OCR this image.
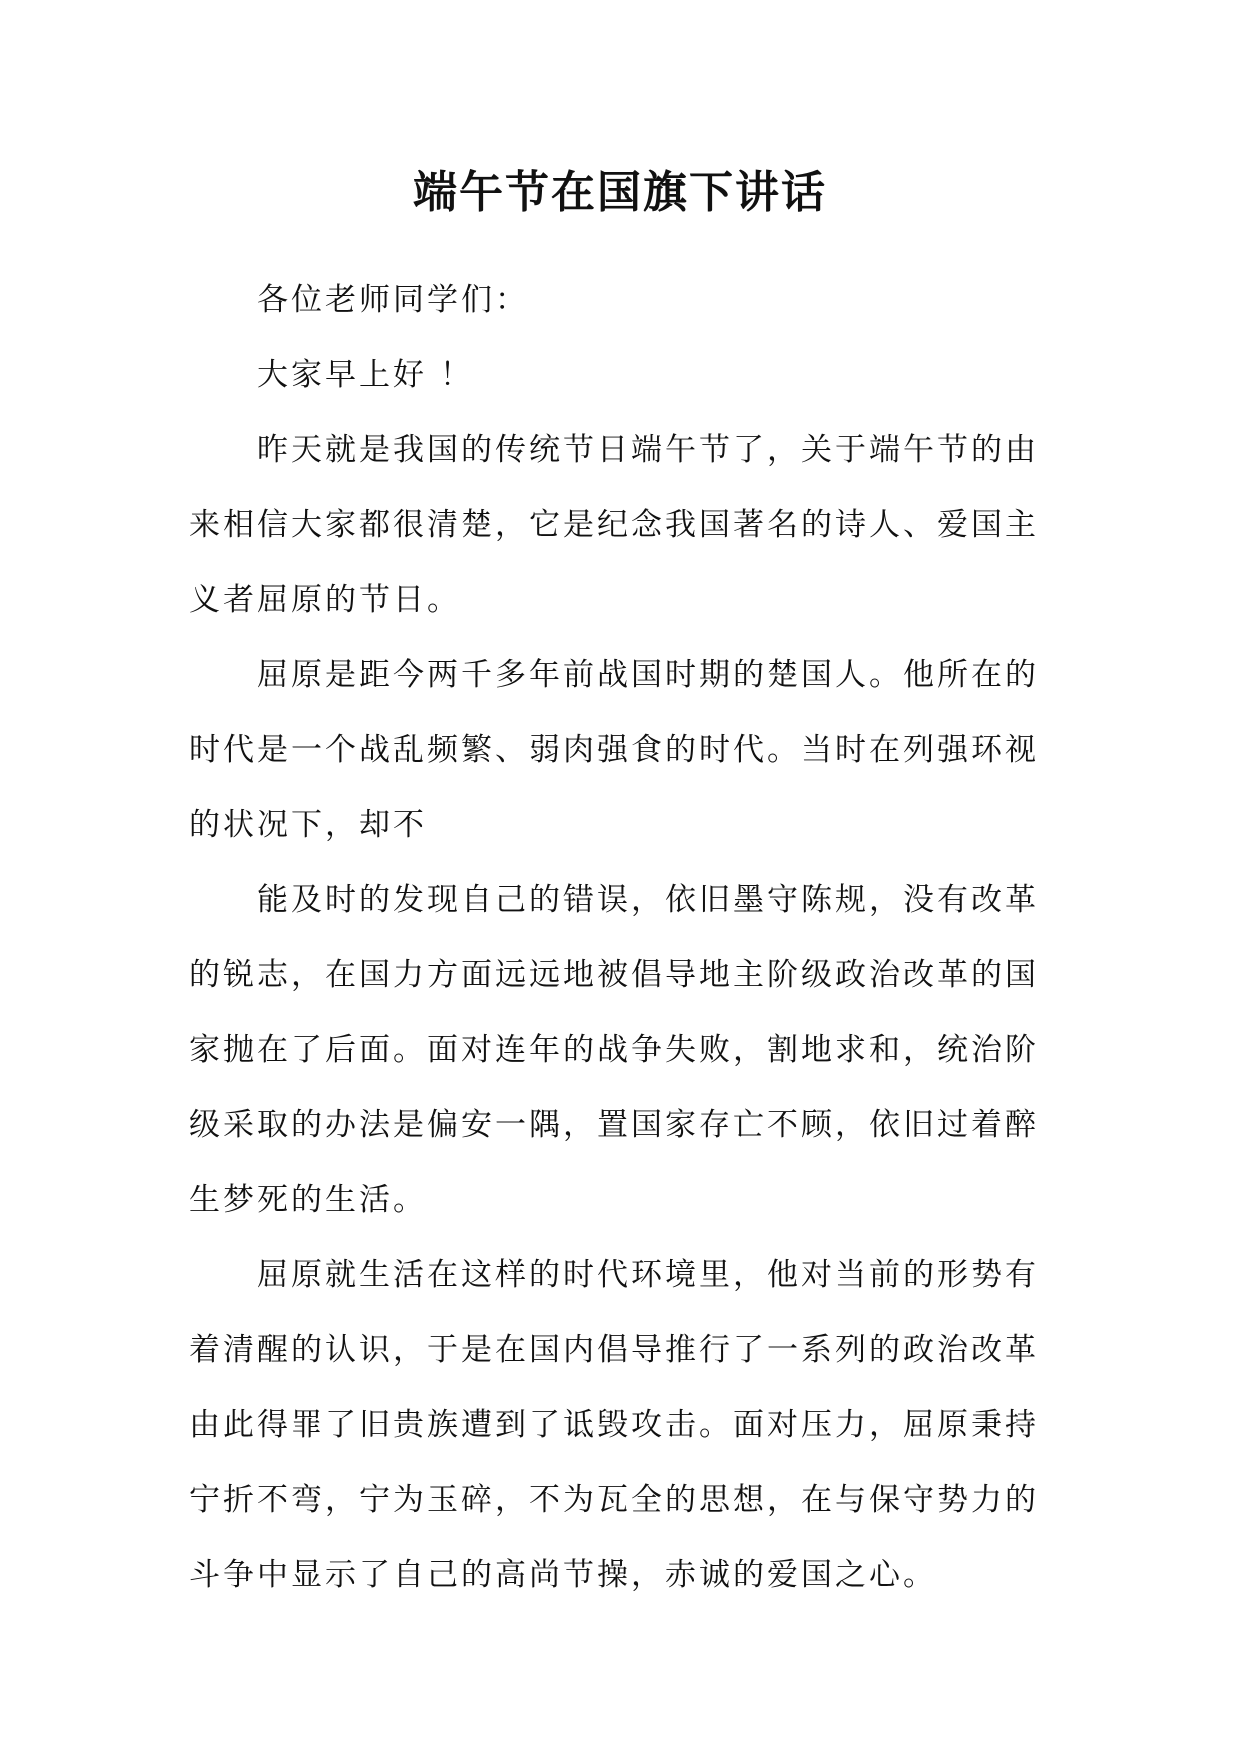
端午节在国旗下讲话

各位老师同学们：

大家早上好 ！

昨天就是我国的传统节日端午节了，关于端午节的由
来相信大家都很清楚，它是纪念我国著名的诗人、爱国主
义者屈原的节日。

屈原是距今两千多年前战国时期的楚国人。他所在的
时代是一个战乱频繁、弱肉强食的时代。当时在列强环视
的状况下，却不

能及时的发现自己的错误，依旧墨守陈规，没有改革
的锐志，在国力方面远远地被倡导地主阶级政治改革的国
家抛在了后面。面对连年的战争失败，割地求和，统治阶
级采取的办法是偏安一隅，置国家存亡不顾，依旧过着醉
生梦死的生活。

屈原就生活在这样的时代环境里，他对当前的形势有
着清醒的认识，于是在国内倡导推行了一系列的政治改革
由此得罪了旧贵族遭到了诋毁攻击。面对压力，屈原秉持
宁折不弯，宁为玉碎，不为瓦全的思想，在与保守势力的
斗争中显示了自己的高尚节操，赤诚的爱国之心。
